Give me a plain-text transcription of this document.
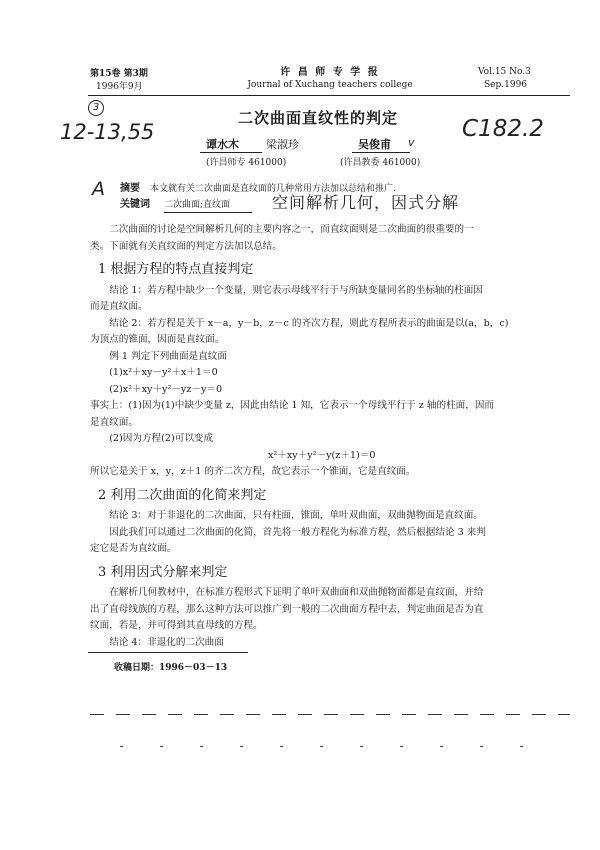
第15卷 第3期
1996年9月
许 昌 师 专 学 报
Journal of Xuchang teachers college
Vol.15 No.3
Sep.1996
3
12-13,55	C182.2
A
空间解析几何，因式分解
v
二次曲面直纹性的判定
谭水木 梁淑珍	吴俊甫
(许昌师专 461000)	(许昌教委 461000)
摘要 本文就有关二次曲面是直纹面的几种常用方法加以总结和推广.
关键词 二次曲面;直纹面
二次曲面的讨论是空间解析几何的主要内容之一，而直纹面则是二次曲面的很重要的一
类。下面就有关直纹面的判定方法加以总结。
1 根据方程的特点直接判定
结论 1：若方程中缺少一个变量，则它表示母线平行于与所缺变量同名的坐标轴的柱面因
而是直纹面。
结论 2：若方程是关于 x－a，y－b，z－c 的齐次方程，则此方程所表示的曲面是以(a，b，c)
为顶点的锥面，因而是直纹面。
例 1 判定下列曲面是直纹面
(1)x²＋xy－y²＋x＋1＝0
(2)x²＋xy＋y²－yz－y＝0
事实上：(1)因为(1)中缺少变量 z，因此由结论 1 知，它表示一个母线平行于 z 轴的柱面，因而
是直纹面。
(2)因为方程(2)可以变成
x²＋xy＋y²－y(z＋1)＝0
所以它是关于 x，y，z＋1 的齐二次方程，故它表示一个锥面，它是直纹面。
2 利用二次曲面的化简来判定
结论 3：对于非退化的二次曲面，只有柱面，锥面，单叶双曲面，双曲抛物面是直纹面。
因此我们可以通过二次曲面的化简，首先将一般方程化为标准方程，然后根据结论 3 来判
定它是否为直纹面。
3 利用因式分解来判定
在解析几何教材中，在标准方程形式下证明了单叶双曲面和双曲抛物面都是直纹面，并给
出了直母线族的方程，那么这种方法可以推广到一般的二次曲面方程中去，判定曲面是否为直
纹面，若是，并可得到其直母线的方程。
结论 4：非退化的二次曲面
收稿日期：1996－03－13
